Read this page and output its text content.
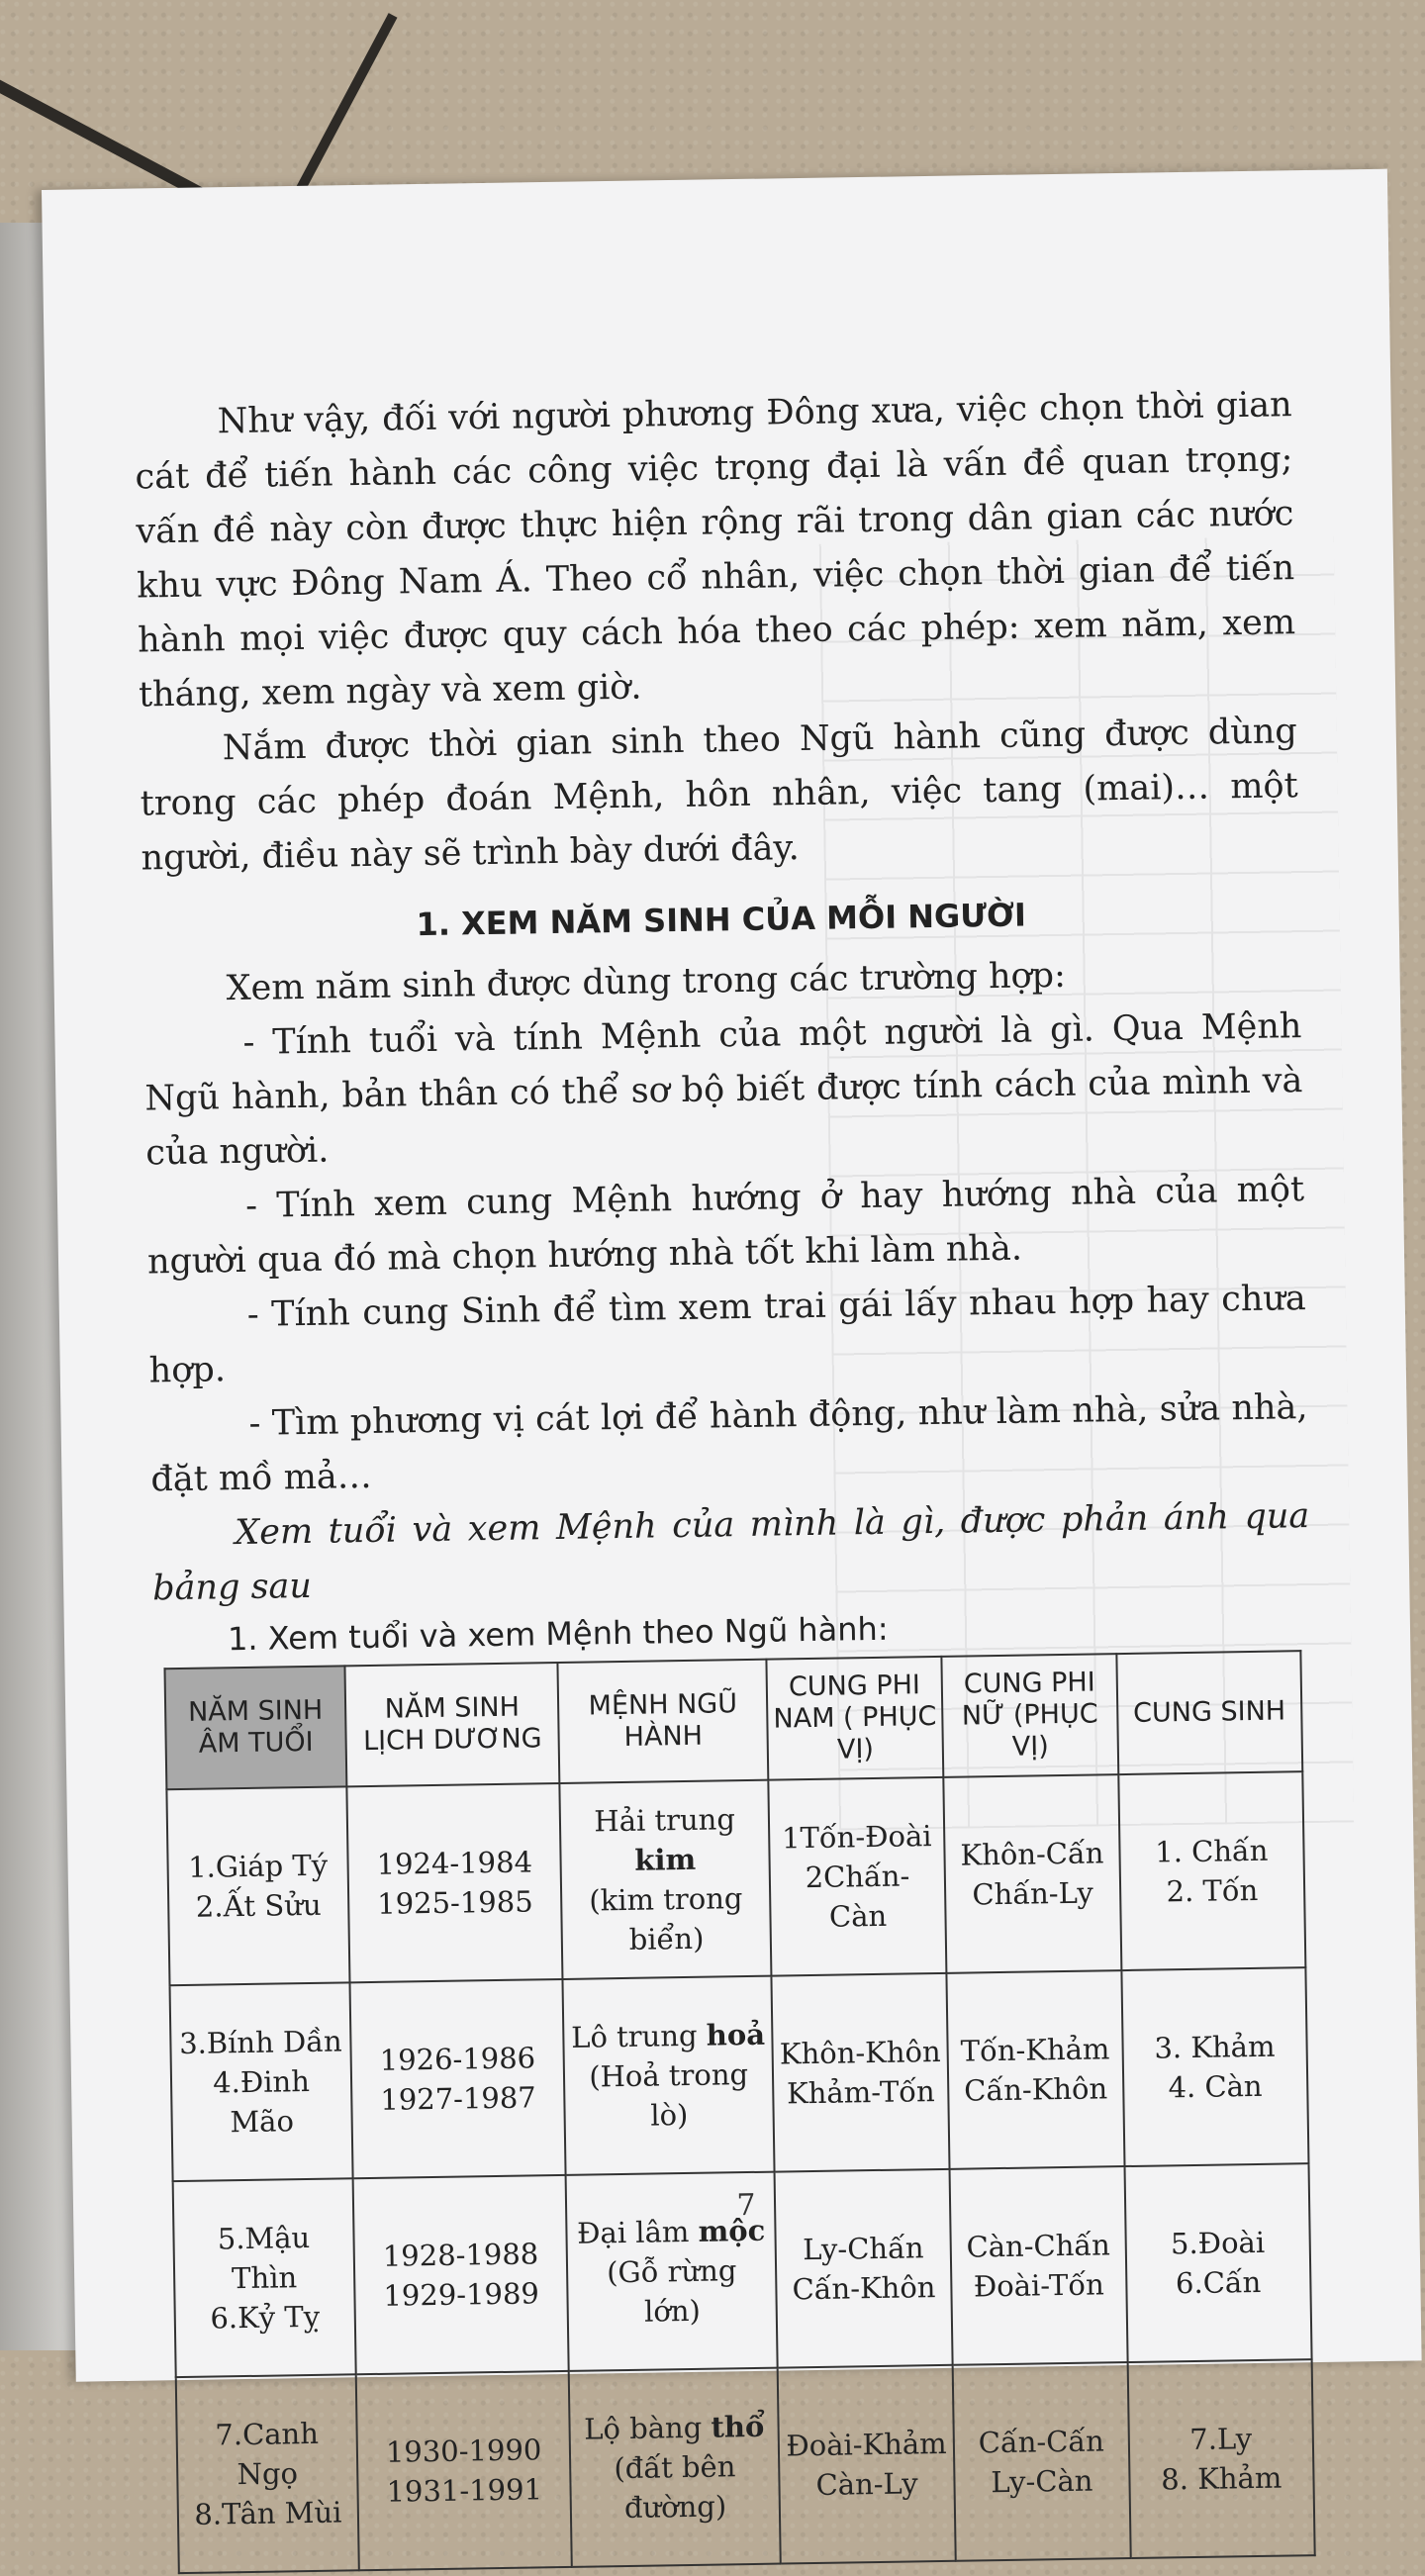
Như vậy, đối với người phương Đông xưa, việc chọn thời gian cát để tiến hành các công việc trọng đại là vấn đề quan trọng; vấn đề này còn được thực hiện rộng rãi trong dân gian các nước khu vực Đông Nam Á. Theo cổ nhân, việc chọn thời gian để tiến hành mọi việc được quy cách hóa theo các phép: xem năm, xem tháng, xem ngày và xem giờ.

Nắm được thời gian sinh theo Ngũ hành cũng được dùng trong các phép đoán Mệnh, hôn nhân, việc tang (mai)… một người, điều này sẽ trình bày dưới đây.

1. XEM NĂM SINH CỦA MỖI NGƯỜI

Xem năm sinh được dùng trong các trường hợp:

- Tính tuổi và tính Mệnh của một người là gì. Qua Mệnh Ngũ hành, bản thân có thể sơ bộ biết được tính cách của mình và của người.

- Tính xem cung Mệnh hướng ở hay hướng nhà của một người qua đó mà chọn hướng nhà tốt khi làm nhà.

- Tính cung Sinh để tìm xem trai gái lấy nhau hợp hay chưa hợp.

- Tìm phương vị cát lợi để hành động, như làm nhà, sửa nhà, đặt mồ mả…

Xem tuổi và xem Mệnh của mình là gì, được phản ánh qua bảng sau

1. Xem tuổi và xem Mệnh theo Ngũ hành:
NĂM SINH ÂM TUỔI	NĂM SINH LỊCH DƯƠNG	MỆNH NGŨ HÀNH	CUNG PHI NAM ( PHỤC VỊ)	CUNG PHI NỮ (PHỤC VỊ)	CUNG SINH
1.Giáp Tý
2.Ất Sửu	1924-1984
1925-1985	Hải trung
kim
(kim trong biển)	1Tốn-Đoài
2Chấn-Càn	Khôn-Cấn
Chấn-Ly	1. Chấn
2. Tốn
3.Bính Dần
4.Đinh Mão	1926-1986
1927-1987	Lô trung hoả
(Hoả trong lò)	Khôn-Khôn
Khảm-Tốn	Tốn-Khảm
Cấn-Khôn	3. Khảm
4. Càn
5.Mậu Thìn
6.Kỷ Tỵ	1928-1988
1929-1989	Đại lâm mộc
(Gỗ rừng lớn)	Ly-Chấn
Cấn-Khôn	Càn-Chấn
Đoài-Tốn	5.Đoài
6.Cấn
7.Canh Ngọ
8.Tân Mùi	1930-1990
1931-1991	Lộ bàng thổ
(đất bên đường)	Đoài-Khảm
Càn-Ly	Cấn-Cấn
Ly-Càn	7.Ly
8. Khảm
7
